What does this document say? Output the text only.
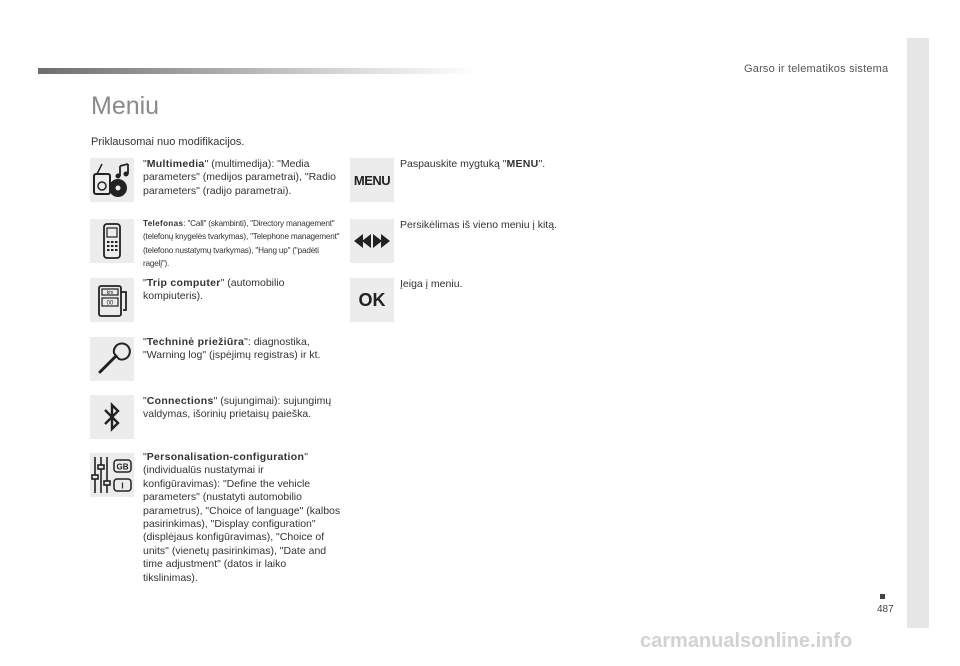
Garso ir telematikos sistema
487
Meniu
Priklausomai nuo modifikacijos.
"Multimedia" (multimedija): "Media parameters" (medijos parametrai), "Radio parameters" (radijo parametrai).
Telefonas: "Call" (skambinti), "Directory management" (telefonų knygelės tvarkymas), "Telephone management" (telefono nustatymų tvarkymas), "Hang up" ("padėti ragelį").
km
00
"Trip computer" (automobilio kompiuteris).
"Techninė priežiūra": diagnostika, "Warning log" (įspėjimų registras) ir kt.
"Connections" (sujungimai): sujungimų valdymas, išorinių prietaisų paieška.
GB
I
"Personalisation-configuration" (individualūs nustatymai ir konfigūravimas): "Define the vehicle parameters" (nustatyti automobilio parametrus), "Choice of language" (kalbos pasirinkimas), "Display configuration" (displėjaus konfigūravimas), "Choice of units" (vienetų pasirinkimas), "Date and time adjustment" (datos ir laiko tikslinimas).
MENU
Paspauskite mygtuką "MENU".
Persikėlimas iš vieno meniu į kitą.
OK
Įeiga į meniu.
carmanualsonline.info
